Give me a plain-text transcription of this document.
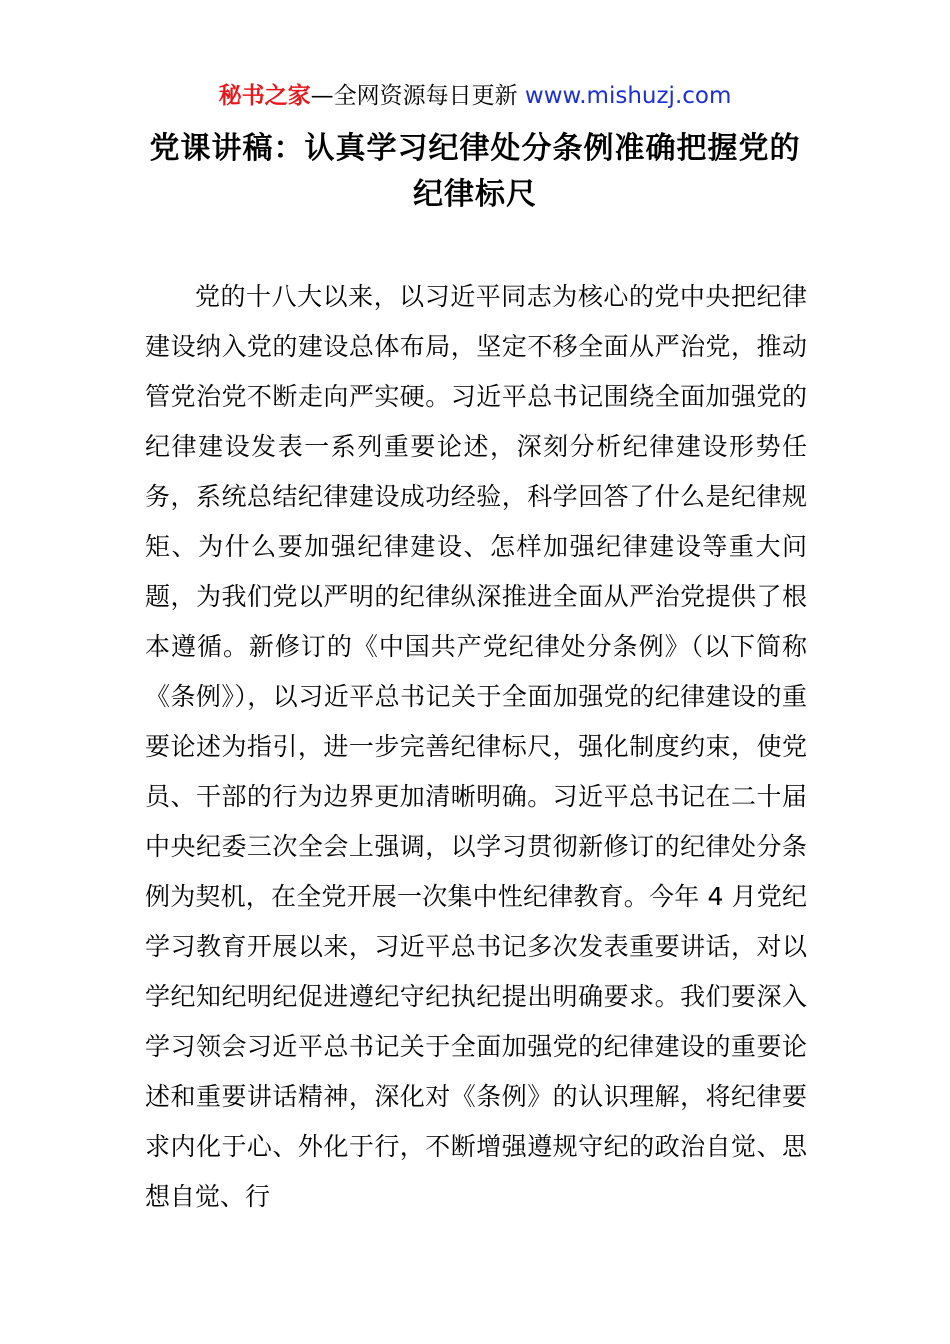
秘书之家—全网资源每日更新 www.mishuzj.com
党课讲稿：认真学习纪律处分条例准确把握党的纪律标尺

党的十八大以来，以习近平同志为核心的党中央把纪律建设纳入党的建设总体布局，坚定不移全面从严治党，推动管党治党不断走向严实硬。习近平总书记围绕全面加强党的纪律建设发表一系列重要论述，深刻分析纪律建设形势任务，系统总结纪律建设成功经验，科学回答了什么是纪律规矩、为什么要加强纪律建设、怎样加强纪律建设等重大问题，为我们党以严明的纪律纵深推进全面从严治党提供了根本遵循。新修订的《中国共产党纪律处分条例》（以下简称《条例》），以习近平总书记关于全面加强党的纪律建设的重要论述为指引，进一步完善纪律标尺，强化制度约束，使党员、干部的行为边界更加清晰明确。习近平总书记在二十届中央纪委三次全会上强调，以学习贯彻新修订的纪律处分条例为契机，在全党开展一次集中性纪律教育。今年 4 月党纪学习教育开展以来，习近平总书记多次发表重要讲话，对以学纪知纪明纪促进遵纪守纪执纪提出明确要求。我们要深入学习领会习近平总书记关于全面加强党的纪律建设的重要论述和重要讲话精神，深化对《条例》的认识理解，将纪律要求内化于心、外化于行，不断增强遵规守纪的政治自觉、思想自觉、行
